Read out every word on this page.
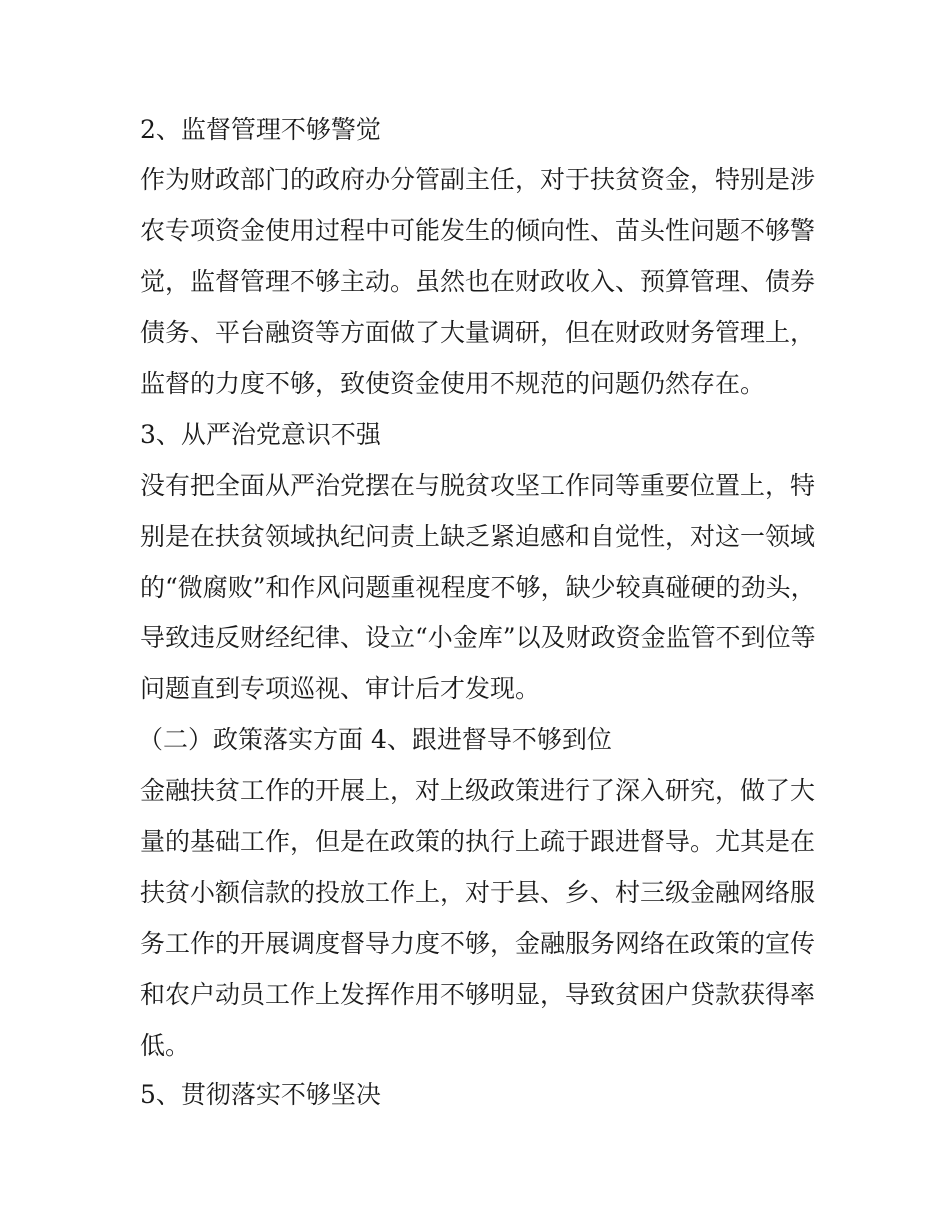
2、监督管理不够警觉
作为财政部门的政府办分管副主任，对于扶贫资金，特别是涉
农专项资金使用过程中可能发生的倾向性、苗头性问题不够警
觉，监督管理不够主动。虽然也在财政收入、预算管理、债券
债务、平台融资等方面做了大量调研，但在财政财务管理上，
监督的力度不够，致使资金使用不规范的问题仍然存在。
3、从严治党意识不强
没有把全面从严治党摆在与脱贫攻坚工作同等重要位置上，特
别是在扶贫领域执纪问责上缺乏紧迫感和自觉性，对这一领域
的“微腐败”和作风问题重视程度不够，缺少较真碰硬的劲头，
导致违反财经纪律、设立“小金库”以及财政资金监管不到位等
问题直到专项巡视、审计后才发现。
（二）政策落实方面 4、跟进督导不够到位
金融扶贫工作的开展上，对上级政策进行了深入研究，做了大
量的基础工作，但是在政策的执行上疏于跟进督导。尤其是在
扶贫小额信款的投放工作上，对于县、乡、村三级金融网络服
务工作的开展调度督导力度不够，金融服务网络在政策的宣传
和农户动员工作上发挥作用不够明显，导致贫困户贷款获得率
低。
5、贯彻落实不够坚决
